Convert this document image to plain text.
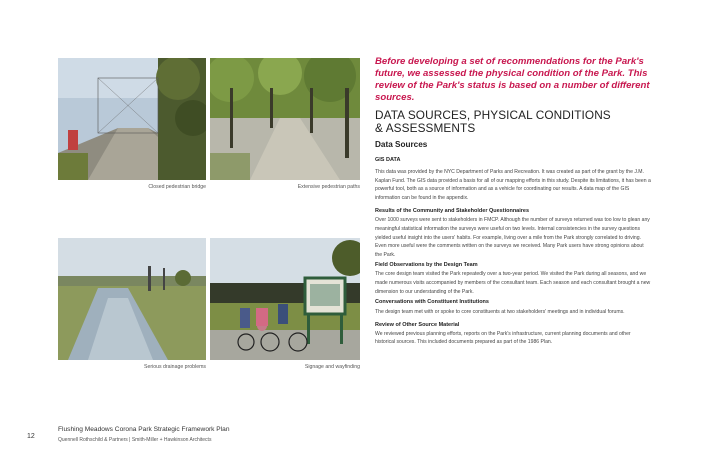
Closed pedestrian bridge	Extensive pedestrian paths
Serious drainage problems	Signage and wayfinding

Before developing a set of recommendations for the Park's future, we assessed the physical condition of the Park. This review of the Park's status is based on a number of different sources.

DATA SOURCES, PHYSICAL CONDITIONS
& ASSESSMENTS
Data Sources

GIS DATA

This data was provided by the NYC Department of Parks and Recreation. It was created as part of the grant by the J.M. Kaplan Fund. The GIS data provided a basis for all of our mapping efforts in this study. Despite its limitations, it has been a powerful tool, both as a source of information and as a vehicle for coordinating our results. A data map of the GIS information can be found in the appendix.

Results of the Community and Stakeholder Questionnaires

Over 1000 surveys were sent to stakeholders in FMCP. Although the number of surveys returned was too low to glean any meaningful statistical information the surveys were useful on two levels. Internal consistencies in the survey questions yielded useful insight into the users' habits. For example, living over a mile from the Park strongly correlated to driving. Even more useful were the comments written on the surveys we received. Many Park users have strong opinions about the Park.

Field Observations by the Design Team

The core design team visited the Park repeatedly over a two-year period. We visited the Park during all seasons, and we made numerous visits accompanied by members of the consultant team. Each season and each consultant brought a new dimension to our understanding of the Park.

Conversations with Constituent Institutions

The design team met with or spoke to core constituents at two stakeholders' meetings and in individual forums.

Review of Other Source Material

We reviewed previous planning efforts, reports on the Park's infrastructure, current planning documents and other historical sources. This included documents prepared as part of the 1986 Plan.

12
Flushing Meadows Corona Park Strategic Framework Plan
Quennell Rothschild & Partners | Smith-Miller + Hawkinson Architects
